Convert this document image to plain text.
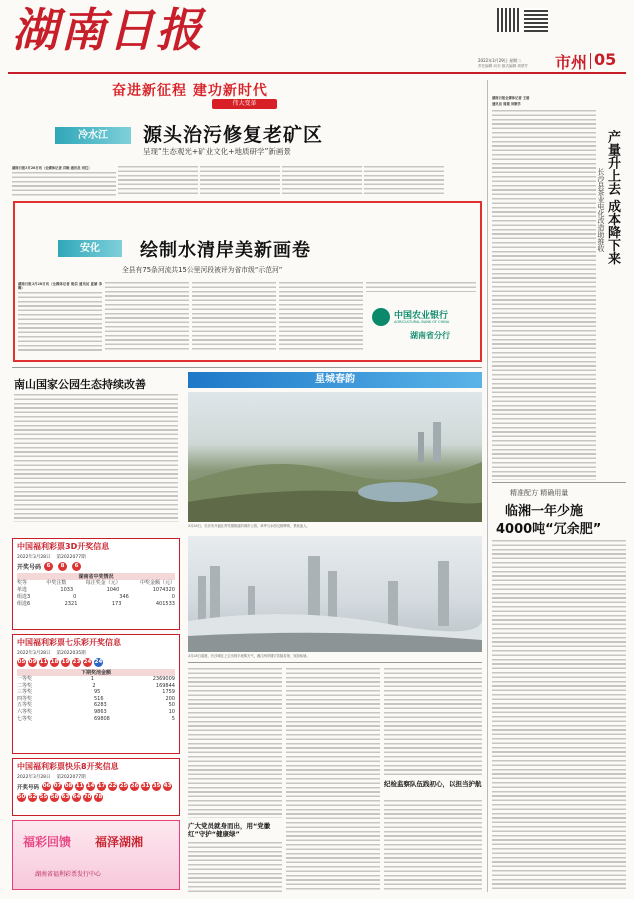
湖南日报
2022年3月29日 星期二
责任编辑 向东 版式编辑 周梦芹 市州 05
奋进新征程 建功新时代
伟大变革
冷水江	源头治污修复老矿区
呈现“生态观光+矿业文化+地质研学”新画景
湖南日报3月28日讯（全媒体记者 肖畅 通讯员 刘红）
安化	绘制水清岸美新画卷
全县有75条河流共15公里河段被评为省市级“示范河”
湖南日报3月28日讯（全媒体记者 胡信 通讯员 夏颉 李卿）
中国农业银行
AGRICULTURAL BANK OF CHINA
湖南省分行
湖南日报全媒体记者 王晗
通讯员 周璟 刘敬学
产量升上去 成本降下来
长沙县茶业电化改造助推收
南山国家公园生态持续改善	星城春韵
3月28日，长沙市开福区青竹湖街道的城市公园，草坪与水面交相辉映，景致迷人。
3月28日清晨，长沙城区上空出现平流雾天气，湘江两岸楼宇若隐若现，宛如仙境。
精准配方 精确用量
临湘一年少施
4000吨“冗余肥”
中国福利彩票3D开奖信息
2022年3月28日 第2022077期
开奖号码	6	8	6
湖南省中奖情况
奖等	中奖注数	每注奖金（元）	中奖金额（元）
单选	1033	1040	1074320
组选3	0	346	0
组选6	2321	173	401533
中国福利彩票七乐彩开奖信息
2022年3月28日 第2022035期
05 09 11 18 19 23 24 24
下期奖池金额
一等奖	1	2369009
二等奖	2	169844
三等奖	95	1759
四等奖	516	200
五等奖	6283	50
六等奖	9863	10
七等奖	69808	5
中国福利彩票快乐8开奖信息
2022年3月28日 第2022077期
开奖号码 06 07 08 11 14 17 22 25 26 31 35 43
50 52 55 58 63 64 70 78
福彩回馈 福泽湖湘
湖南省福利彩票发行中心
广大党员就身而出，用“党徽红”守护“健康绿”
纪检监察队伍践初心，以担当护航
